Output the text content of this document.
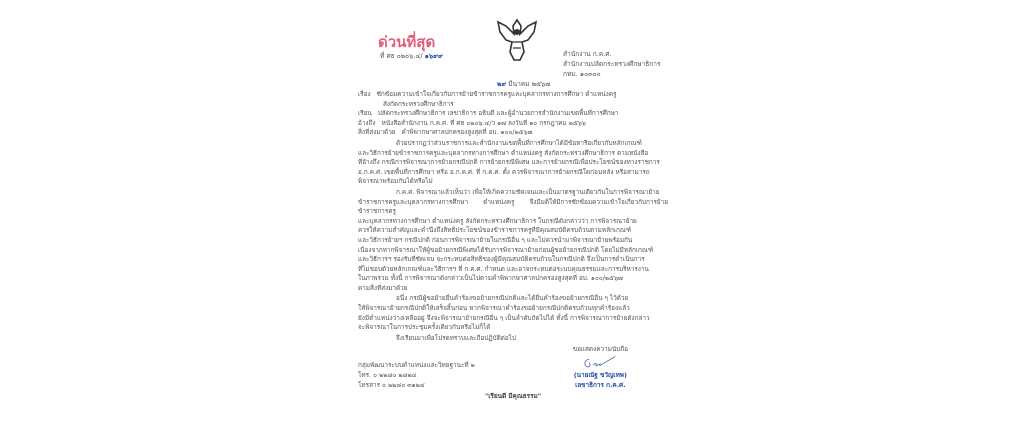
ด่วนที่สุด
ที่ ศธ ๐๒๐๖.๔/ ๑๖๙๙	สำนักงาน ก.ค.ศ.
สำนักงานปลัดกระทรวงศึกษาธิการ
กทม. ๑๐๓๐๐
๒๙ มีนาคม ๒๕๖๗
เรื่อง ซักซ้อมความเข้าใจเกี่ยวกับการย้ายข้าราชการครูและบุคลากรทางการศึกษา ตำแหน่งครู
สังกัดกระทรวงศึกษาธิการ
เรียน ปลัดกระทรวงศึกษาธิการ เลขาธิการ อธิบดี และผู้อำนวยการสำนักงานเขตพื้นที่การศึกษา
อ้างถึง หนังสือสำนักงาน ก.ค.ศ. ที่ ศธ ๐๒๐๖.๔/ว ๑๗ ลงวันที่ ๑๐ กรกฎาคม ๒๕๖๖
สิ่งที่ส่งมาด้วย คำพิพากษาศาลปกครองสูงสุดที่ อบ. ๑๐๐/๒๕๖๗
ด้วยปรากฏว่าส่วนราชการและสำนักงานเขตพื้นที่การศึกษาได้มีข้อหารือเกี่ยวกับหลักเกณฑ์
และวิธีการย้ายข้าราชการครูและบุคลากรทางการศึกษา ตำแหน่งครู สังกัดกระทรวงศึกษาธิการ ตามหนังสือ
ที่อ้างถึง กรณีการพิจารณาการย้ายกรณีปกติ การย้ายกรณีพิเศษ และการย้ายกรณีเพื่อประโยชน์ของทางราชการ
อ.ก.ค.ศ. เขตพื้นที่การศึกษา หรือ อ.ก.ค.ศ. ที่ ก.ค.ศ. ตั้ง ควรพิจารณาการย้ายกรณีใดก่อนหลัง หรือสามารถ
พิจารณาพร้อมกันได้หรือไม่
ก.ค.ศ. พิจารณาแล้วเห็นว่า เพื่อให้เกิดความชัดเจนและเป็นมาตรฐานเดียวกันในการพิจารณาย้าย
ข้าราชการครูและบุคลากรทางการศึกษา ตำแหน่งครู จึงมีมติให้มีการซักซ้อมความเข้าใจเกี่ยวกับการย้ายข้าราชการครู
และบุคลากรทางการศึกษา ตำแหน่งครู สังกัดกระทรวงศึกษาธิการ ในกรณีดังกล่าวว่า การพิจารณาย้าย
ควรให้ความสำคัญและคำนึงถึงสิทธิประโยชน์ของข้าราชการครูที่มีคุณสมบัติครบถ้วนตามหลักเกณฑ์
และวิธีการย้ายฯ กรณีปกติ ก่อนการพิจารณาย้ายในกรณีอื่น ๆ และไม่ควรนำมาพิจารณาย้ายพร้อมกัน
เนื่องจากหากพิจารณาให้ผู้ขอย้ายกรณีพิเศษได้รับการพิจารณาย้ายก่อนผู้ขอย้ายกรณีปกติ โดยไม่มีหลักเกณฑ์
และวิธีการฯ รองรับที่ชัดเจน จะกระทบต่อสิทธิของผู้มีคุณสมบัติครบถ้วนในกรณีปกติ จึงเป็นการดำเนินการ
ที่ไม่ชอบด้วยหลักเกณฑ์และวิธีการฯ ที่ ก.ค.ศ. กำหนด และอาจกระทบต่อระบบคุณธรรมและการบริหารงาน
ในภาพรวม ทั้งนี้ การพิจารณาดังกล่าวเป็นไปตามคำพิพากษาศาลปกครองสูงสุดที่ อบ. ๑๐๐/๒๕๖๗
ตามสิ่งที่ส่งมาด้วย
อนึ่ง กรณีผู้ขอย้ายยื่นคำร้องขอย้ายกรณีปกติและได้ยื่นคำร้องขอย้ายกรณีอื่น ๆ ไว้ด้วย
ให้พิจารณาย้ายกรณีปกติให้เสร็จสิ้นก่อน หากพิจารณาคำร้องขอย้ายกรณีปกติครบถ้วนทุกคำร้องแล้ว
ยังมีตำแหน่งว่างเหลืออยู่ จึงจะพิจารณาย้ายกรณีอื่น ๆ เป็นลำดับถัดไปได้ ทั้งนี้ การพิจารณาการย้ายดังกล่าว
จะพิจารณาในการประชุมครั้งเดียวกันหรือไม่ก็ได้
จึงเรียนมาเพื่อโปรดทราบและถือปฏิบัติต่อไป
กลุ่มพัฒนาระบบตำแหน่งและวิทยฐานะที่ ๒
โทร. ๐ ๒๒๘๐ ๒๘๒๔
โทรสาร ๐ ๒๒๘๐ ๓๑๒๔
ขอแสดงความนับถือ
(นายณัฐ ชวัญเทพ)
เลขาธิการ ก.ค.ศ.
"เรียนดี มีคุณธรรม"
